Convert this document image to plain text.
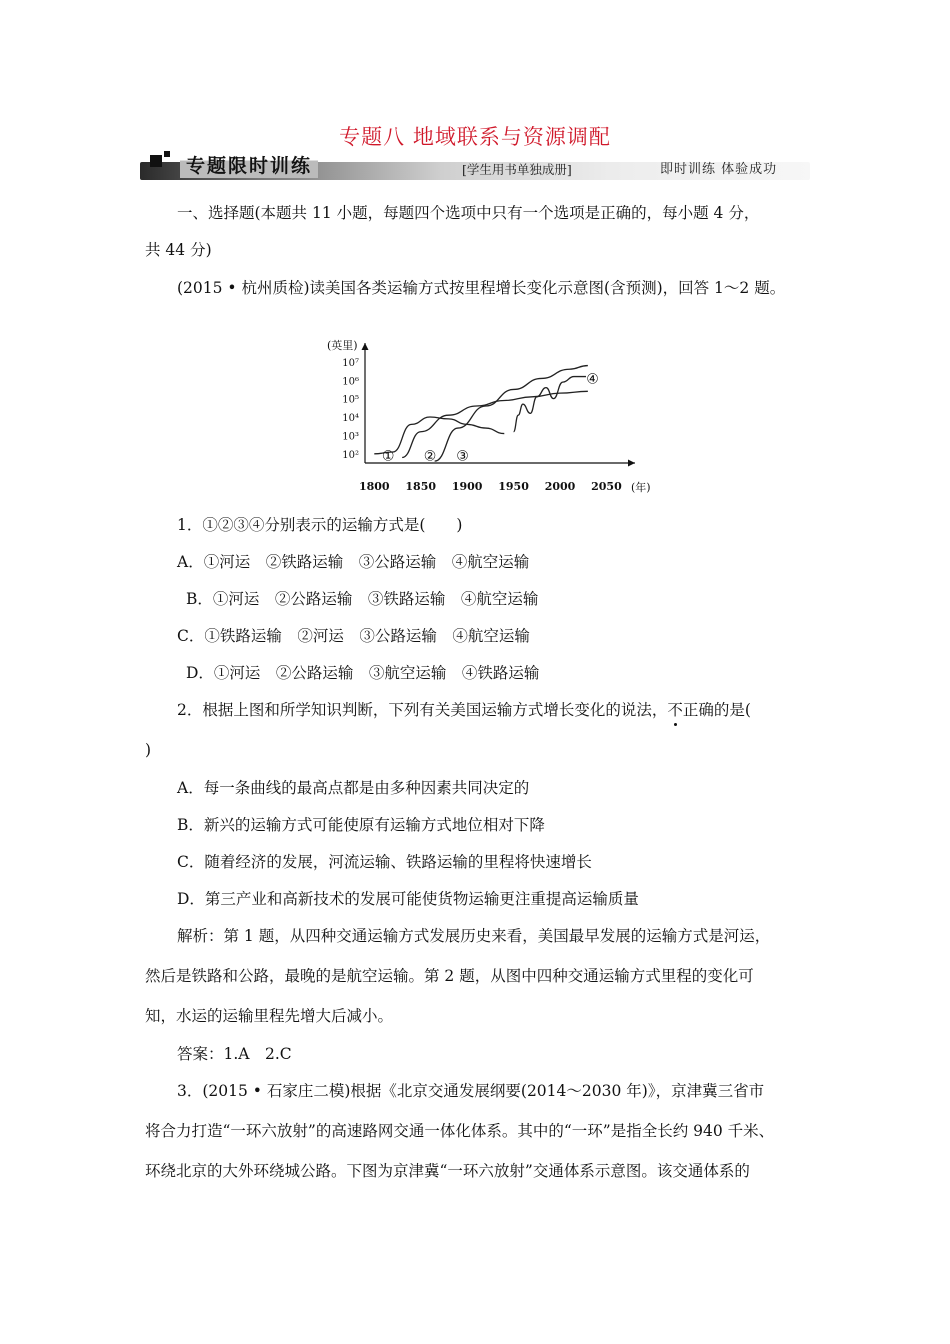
专题八 地域联系与资源调配
专题限时训练	[学生用书单独成册]	即时训练 体验成功
一、选择题(本题共 11 小题，每题四个选项中只有一个选项是正确的，每小题 4 分，
共 44 分)
(2015 • 杭州质检)读美国各类运输方式按里程增长变化示意图(含预测)，回答 1～2 题。
(英里)
(年)
1800 1850 1900 1950 2000 2050
10²
10³
10⁴
10⁵
10⁶
10⁷
① ② ③
④
1．①②③④分别表示的运输方式是(　　)
A．①河运　②铁路运输　③公路运输　④航空运输
B．①河运　②公路运输　③铁路运输　④航空运输
C．①铁路运输　②河运　③公路运输　④航空运输
D．①河运　②公路运输　③航空运输　④铁路运输
2．根据上图和所学知识判断，下列有关美国运输方式增长变化的说法，不正确的是(
)
A．每一条曲线的最高点都是由多种因素共同决定的
B．新兴的运输方式可能使原有运输方式地位相对下降
C．随着经济的发展，河流运输、铁路运输的里程将快速增长
D．第三产业和高新技术的发展可能使货物运输更注重提高运输质量
解析：第 1 题，从四种交通运输方式发展历史来看，美国最早发展的运输方式是河运，
然后是铁路和公路，最晚的是航空运输。第 2 题，从图中四种交通运输方式里程的变化可
知，水运的运输里程先增大后减小。
答案：1.A　2.C
3．(2015 • 石家庄二模)根据《北京交通发展纲要(2014～2030 年)》，京津冀三省市
将合力打造“一环六放射”的高速路网交通一体化体系。其中的“一环”是指全长约 940 千米、
环绕北京的大外环绕城公路。下图为京津冀“一环六放射”交通体系示意图。该交通体系的
